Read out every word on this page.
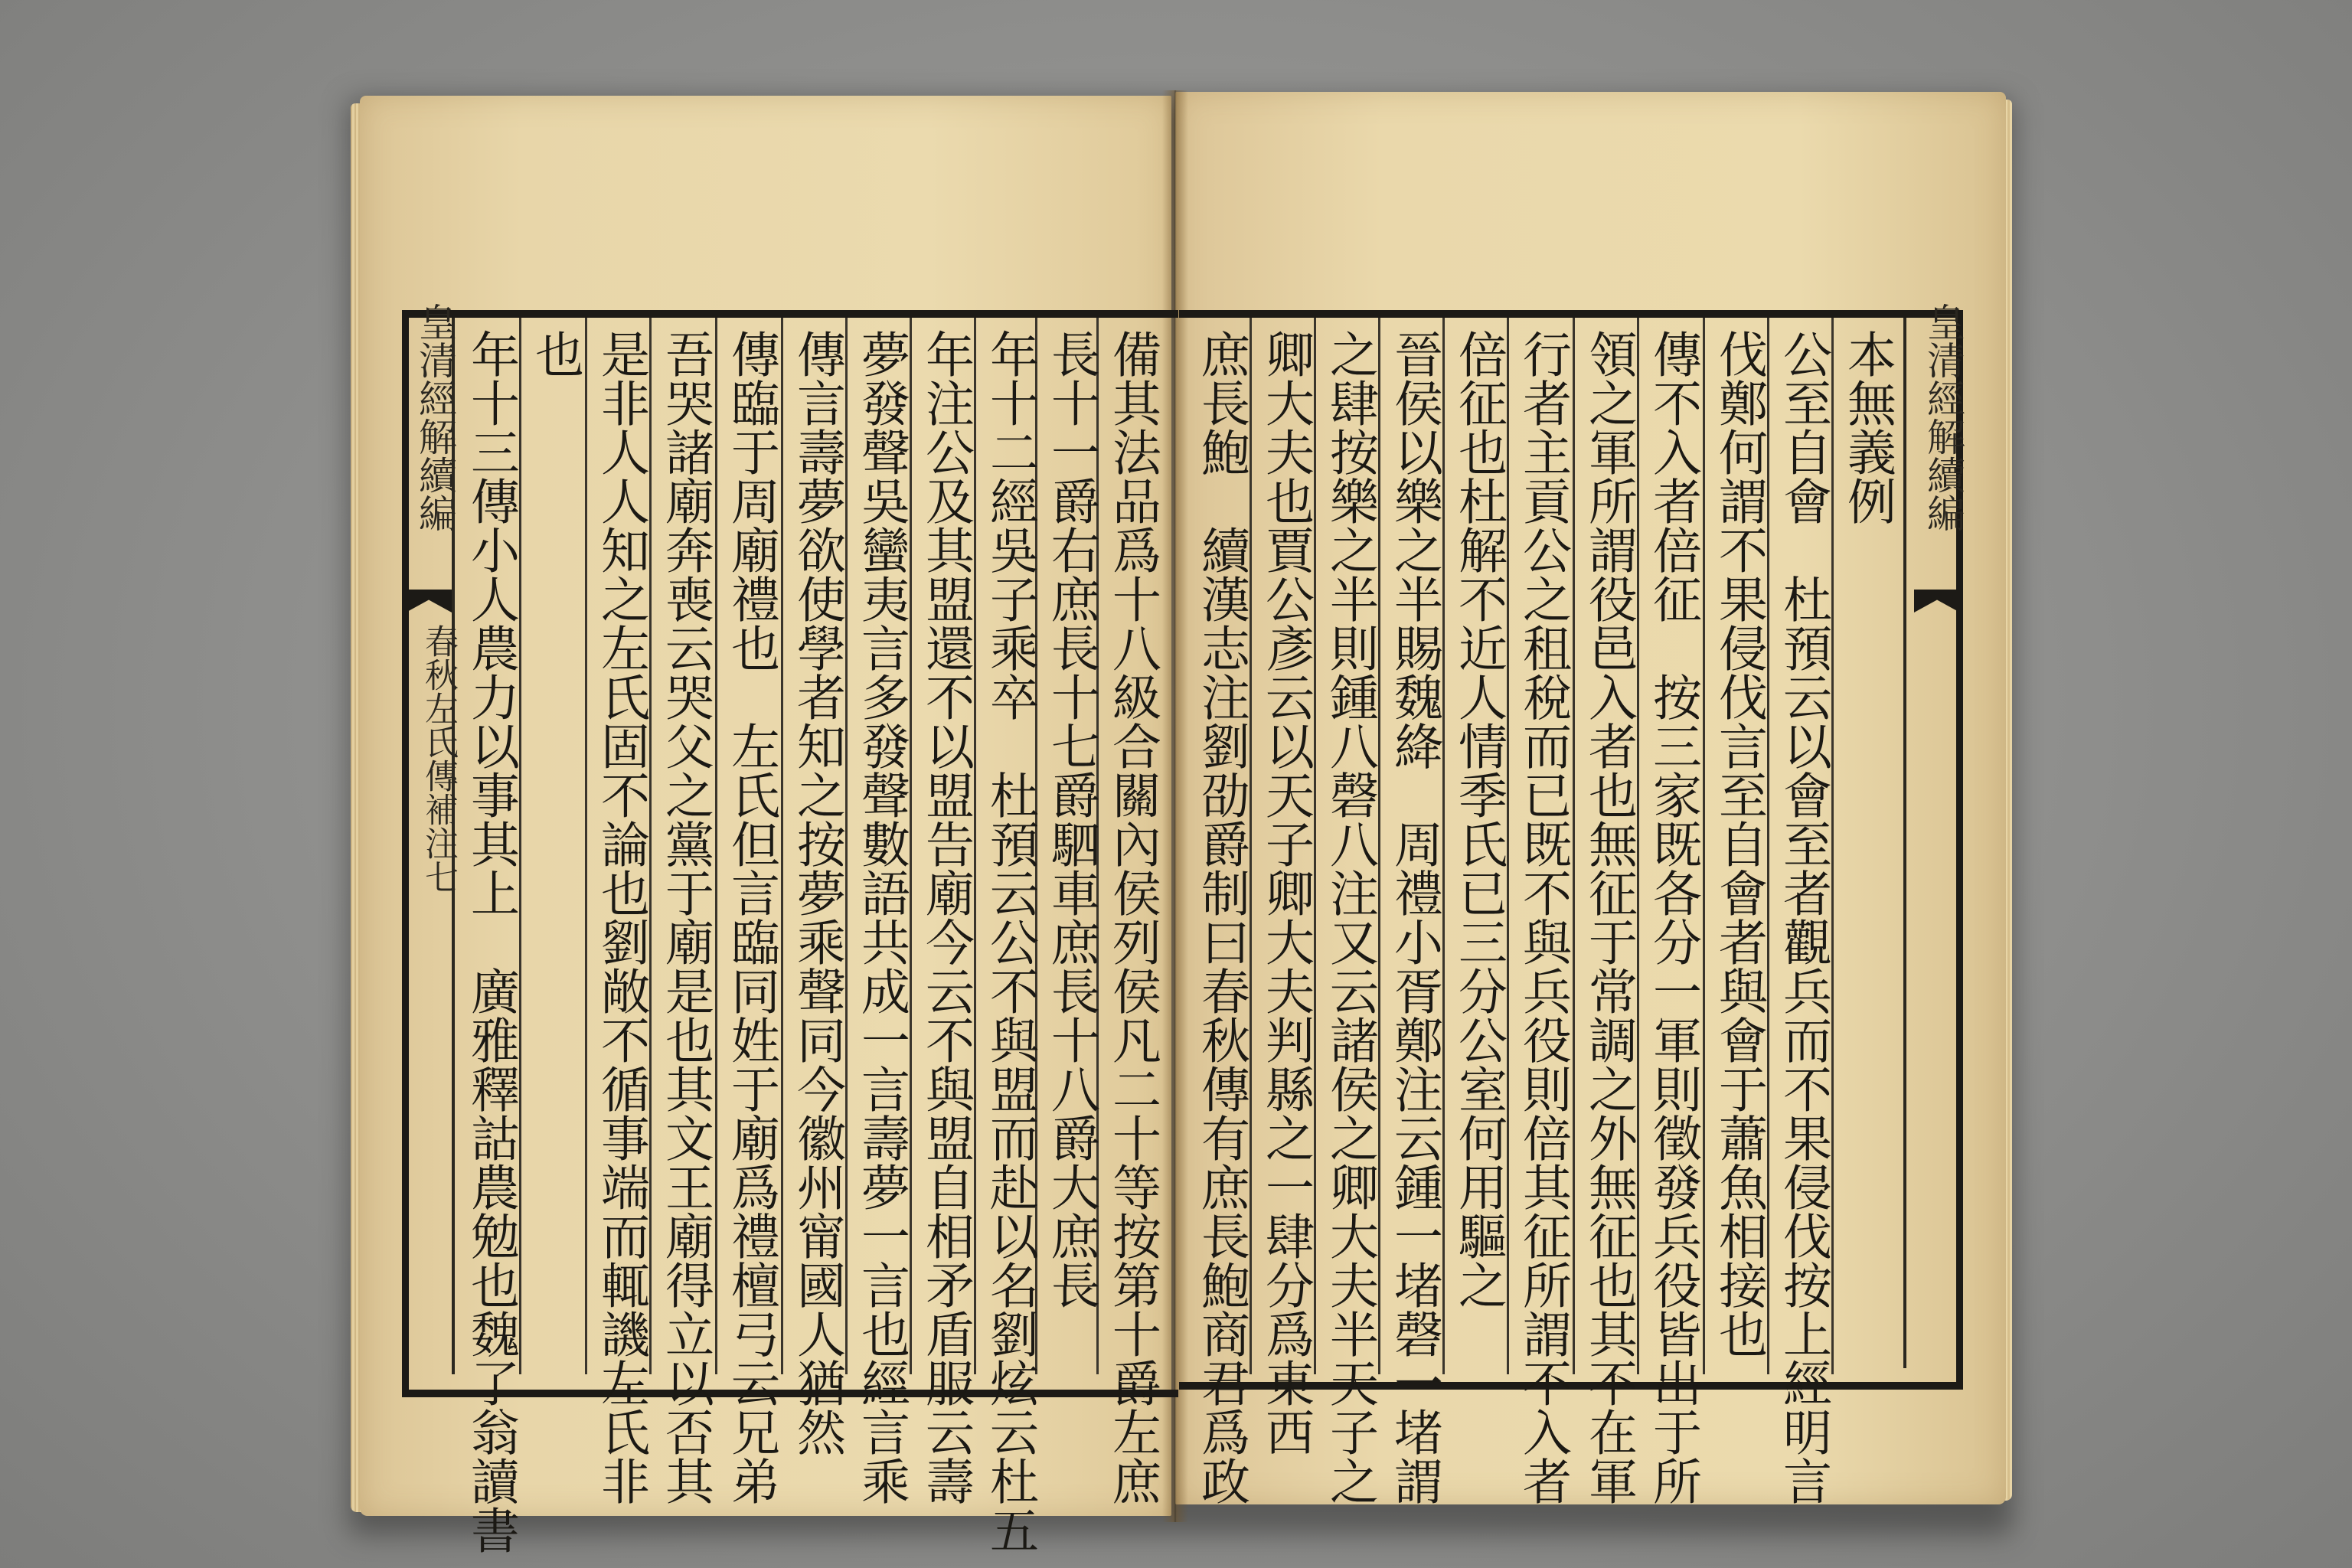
皇清經解續編
春秋左氏傳補注七	備其法品爲十八級合關內侯列侯凡二十等按第十爵左庶
長十一爵右庶長十七爵駟車庶長十八爵大庶長
年十二經吳子乘卒　杜預云公不與盟而赴以名劉炫云杜五
年注公及其盟還不以盟告廟今云不與盟自相矛盾服云壽
夢發聲吳蠻夷言多發聲數語共成一言壽夢一言也經言乘
傳言壽夢欲使學者知之按夢乘聲同今徽州甯國人猶然
傳臨于周廟禮也　左氏但言臨同姓于廟爲禮檀弓云兄弟
吾哭諸廟奔喪云哭父之黨于廟是也其文王廟得立以否其
是非人人知之左氏固不論也劉敞不循事端而輒譏左氏非
也
年十三傳小人農力以事其上　廣雅釋詁農勉也魏了翁讀書	皇清經解續編
本無義例
公至自會　杜預云以會至者觀兵而不果侵伐按上經明言
伐鄭何謂不果侵伐言至自會者與會于蕭魚相接也
傳不入者倍征　按三家既各分一軍則徵發兵役皆出于所
領之軍所謂役邑入者也無征于常調之外無征也其不在軍
行者主貢公之租稅而已既不與兵役則倍其征所謂不入者
倍征也杜解不近人情季氏已三分公室何用驅之
晉侯以樂之半賜魏絳　周禮小胥鄭注云鍾一堵磬一堵謂
之肆按樂之半則鍾八磬八注又云諸侯之卿大夫半天子之
卿大夫也賈公彥云以天子卿大夫判縣之一肆分爲東西
庶長鮑　續漢志注劉劭爵制曰春秋傳有庶長鮑商君爲政
